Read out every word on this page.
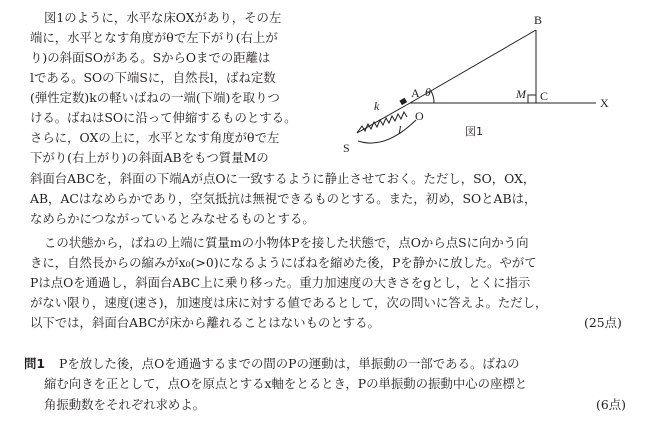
図1のように，水平な床OXがあり，その左
端に，水平となす角度がθで左下がり(右上が
り)の斜面SOがある。SからOまでの距離は
lである。SOの下端Sに，自然長l，ばね定数
(弾性定数)kの軽いばねの一端(下端)を取りつ
ける。ばねはSOに沿って伸縮するものとする。
さらに，OXの上に，水平となす角度がθで左
下がり(右上がり)の斜面ABをもつ質量Mの
斜面台ABCを，斜面の下端Aが点Oに一致するように静止させておく。ただし，SO，OX，
AB，ACはなめらかであり，空気抵抗は無視できるものとする。また，初め，SOとABは，
なめらかにつながっているとみなせるものとする。
この状態から，ばねの上端に質量mの小物体Pを接した状態で，点Oから点Sに向かう向
きに，自然長からの縮みがx₀(>0)になるようにばねを縮めた後，Pを静かに放した。やがて
Pは点Oを通過し，斜面台ABC上に乗り移った。重力加速度の大きさをgとし，とくに指示
がない限り，速度(速さ)，加速度は床に対する値であるとして，次の問いに答えよ。ただし，
以下では，斜面台ABCが床から離れることはないものとする。	(25点)
問1 Pを放した後，点Oを通過するまでの間のPの運動は，単振動の一部である。ばねの
縮む向きを正として，点Oを原点とするx軸をとるとき，Pの単振動の振動中心の座標と
角振動数をそれぞれ求めよ。	(6点)
B
A θ
O
M C	X
S
k
l	図1
